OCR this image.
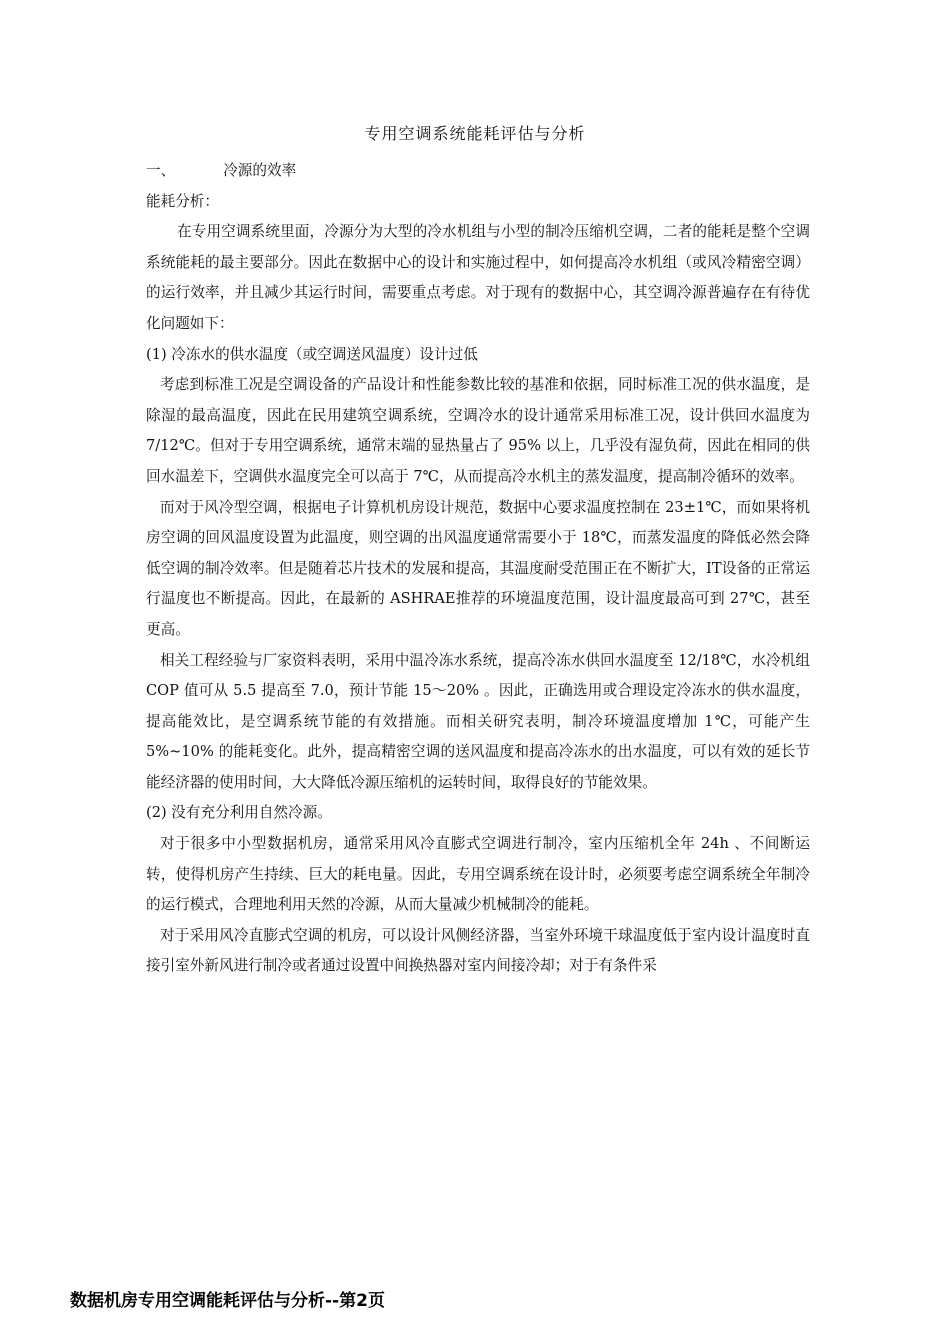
专用空调系统能耗评估与分析

一、	冷源的效率

能耗分析：

在专用空调系统里面，冷源分为大型的冷水机组与小型的制冷压缩机空调，二者的能耗是整个空调系统能耗的最主要部分。因此在数据中心的设计和实施过程中，如何提高冷水机组（或风冷精密空调）的运行效率，并且减少其运行时间，需要重点考虑。对于现有的数据中心，其空调冷源普遍存在有待优化问题如下：

(1) 冷冻水的供水温度（或空调送风温度）设计过低

考虑到标准工况是空调设备的产品设计和性能参数比较的基准和依据，同时标准工况的供水温度，是除湿的最高温度，因此在民用建筑空调系统，空调冷水的设计通常采用标准工况，设计供回水温度为 7/12℃。但对于专用空调系统，通常末端的显热量占了 95% 以上，几乎没有湿负荷，因此在相同的供回水温差下，空调供水温度完全可以高于 7℃，从而提高冷水机主的蒸发温度，提高制冷循环的效率。

而对于风冷型空调，根据电子计算机机房设计规范，数据中心要求温度控制在 23±1℃，而如果将机房空调的回风温度设置为此温度，则空调的出风温度通常需要小于 18℃，而蒸发温度的降低必然会降低空调的制冷效率。但是随着芯片技术的发展和提高，其温度耐受范围正在不断扩大，IT设备的正常运行温度也不断提高。因此，在最新的 ASHRAE推荐的环境温度范围，设计温度最高可到 27℃，甚至更高。

相关工程经验与厂家资料表明，采用中温冷冻水系统，提高冷冻水供回水温度至 12/18℃，水冷机组 COP 值可从 5.5 提高至 7.0，预计节能 15～20% 。因此，正确选用或合理设定冷冻水的供水温度，提高能效比，是空调系统节能的有效措施。而相关研究表明，制冷环境温度增加 1℃，可能产生 5%~10% 的能耗变化。此外，提高精密空调的送风温度和提高冷冻水的出水温度，可以有效的延长节能经济器的使用时间，大大降低冷源压缩机的运转时间，取得良好的节能效果。

(2) 没有充分利用自然冷源。

对于很多中小型数据机房，通常采用风冷直膨式空调进行制冷，室内压缩机全年 24h 、不间断运转，使得机房产生持续、巨大的耗电量。因此，专用空调系统在设计时，必须要考虑空调系统全年制冷的运行模式，合理地利用天然的冷源，从而大量减少机械制冷的能耗。

对于采用风冷直膨式空调的机房，可以设计风侧经济器，当室外环境干球温度低于室内设计温度时直接引室外新风进行制冷或者通过设置中间换热器对室内间接冷却；对于有条件采

数据机房专用空调能耗评估与分析--第2页
